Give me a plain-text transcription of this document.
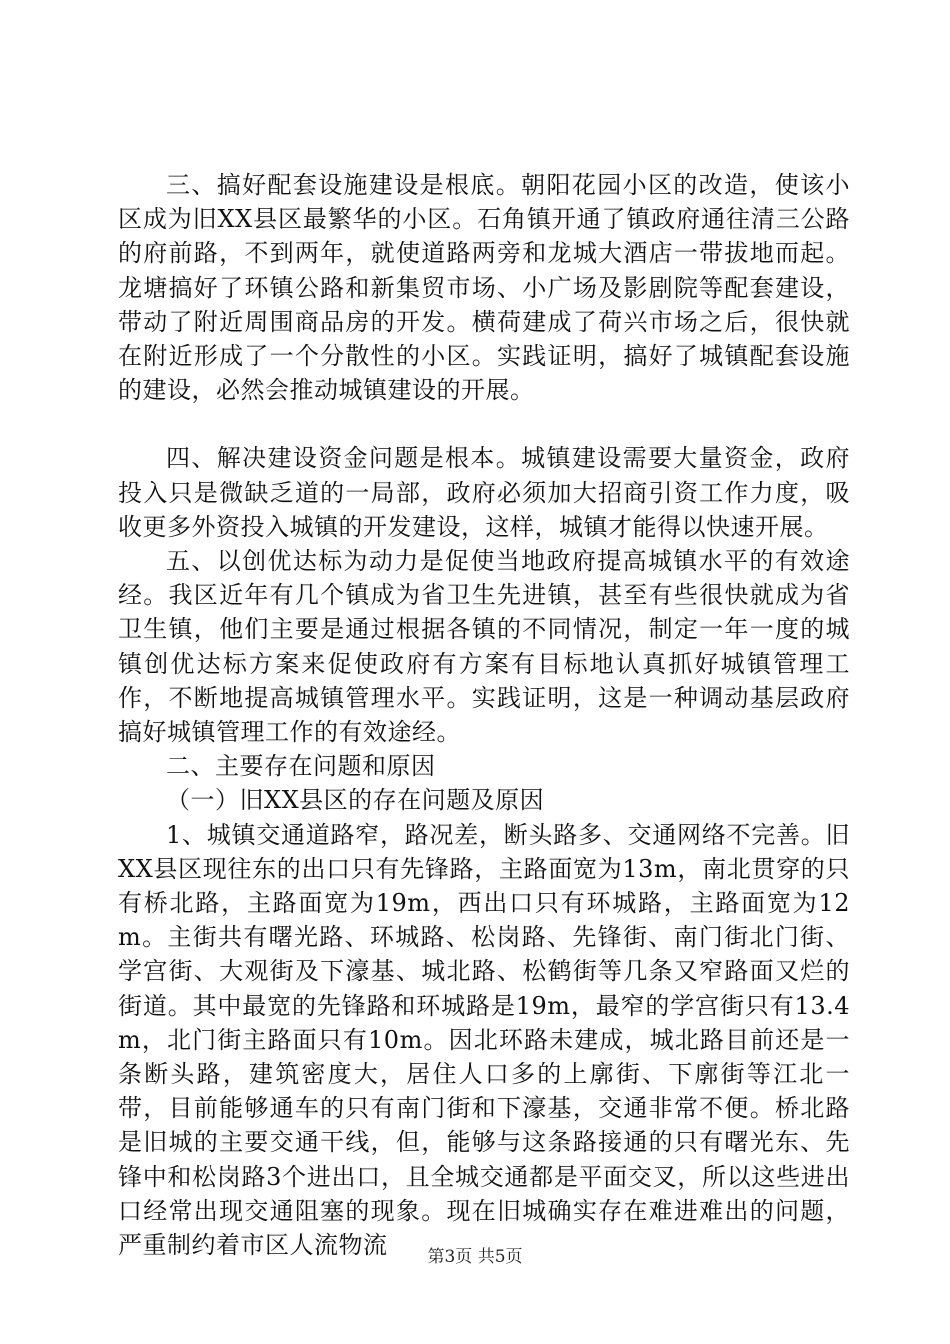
三、搞好配套设施建设是根底。朝阳花园小区的改造，使该小区成为旧XX县区最繁华的小区。石角镇开通了镇政府通往清三公路的府前路，不到两年，就使道路两旁和龙城大酒店一带拔地而起。龙塘搞好了环镇公路和新集贸市场、小广场及影剧院等配套建设，带动了附近周围商品房的开发。横荷建成了荷兴市场之后，很快就在附近形成了一个分散性的小区。实践证明，搞好了城镇配套设施的建设，必然会推动城镇建设的开展。

四、解决建设资金问题是根本。城镇建设需要大量资金，政府投入只是微缺乏道的一局部，政府必须加大招商引资工作力度，吸收更多外资投入城镇的开发建设，这样，城镇才能得以快速开展。

五、以创优达标为动力是促使当地政府提高城镇水平的有效途经。我区近年有几个镇成为省卫生先进镇，甚至有些很快就成为省卫生镇，他们主要是通过根据各镇的不同情况，制定一年一度的城镇创优达标方案来促使政府有方案有目标地认真抓好城镇管理工作，不断地提高城镇管理水平。实践证明，这是一种调动基层政府搞好城镇管理工作的有效途经。

二、主要存在问题和原因

（一）旧XX县区的存在问题及原因

1、城镇交通道路窄，路况差，断头路多、交通网络不完善。旧XX县区现往东的出口只有先锋路，主路面宽为13m，南北贯穿的只有桥北路，主路面宽为19m，西出口只有环城路，主路面宽为12m。主街共有曙光路、环城路、松岗路、先锋街、南门街北门街、学宫街、大观街及下濠基、城北路、松鹤街等几条又窄路面又烂的街道。其中最宽的先锋路和环城路是19m，最窄的学宫街只有13.4m，北门街主路面只有10m。因北环路未建成，城北路目前还是一条断头路，建筑密度大，居住人口多的上廓街、下廓街等江北一带，目前能够通车的只有南门街和下濠基，交通非常不便。桥北路是旧城的主要交通干线，但，能够与这条路接通的只有曙光东、先锋中和松岗路3个进出口，且全城交通都是平面交叉，所以这些进出口经常出现交通阻塞的现象。现在旧城确实存在难进难出的问题，严重制约着市区人流物流	第3页 共5页
